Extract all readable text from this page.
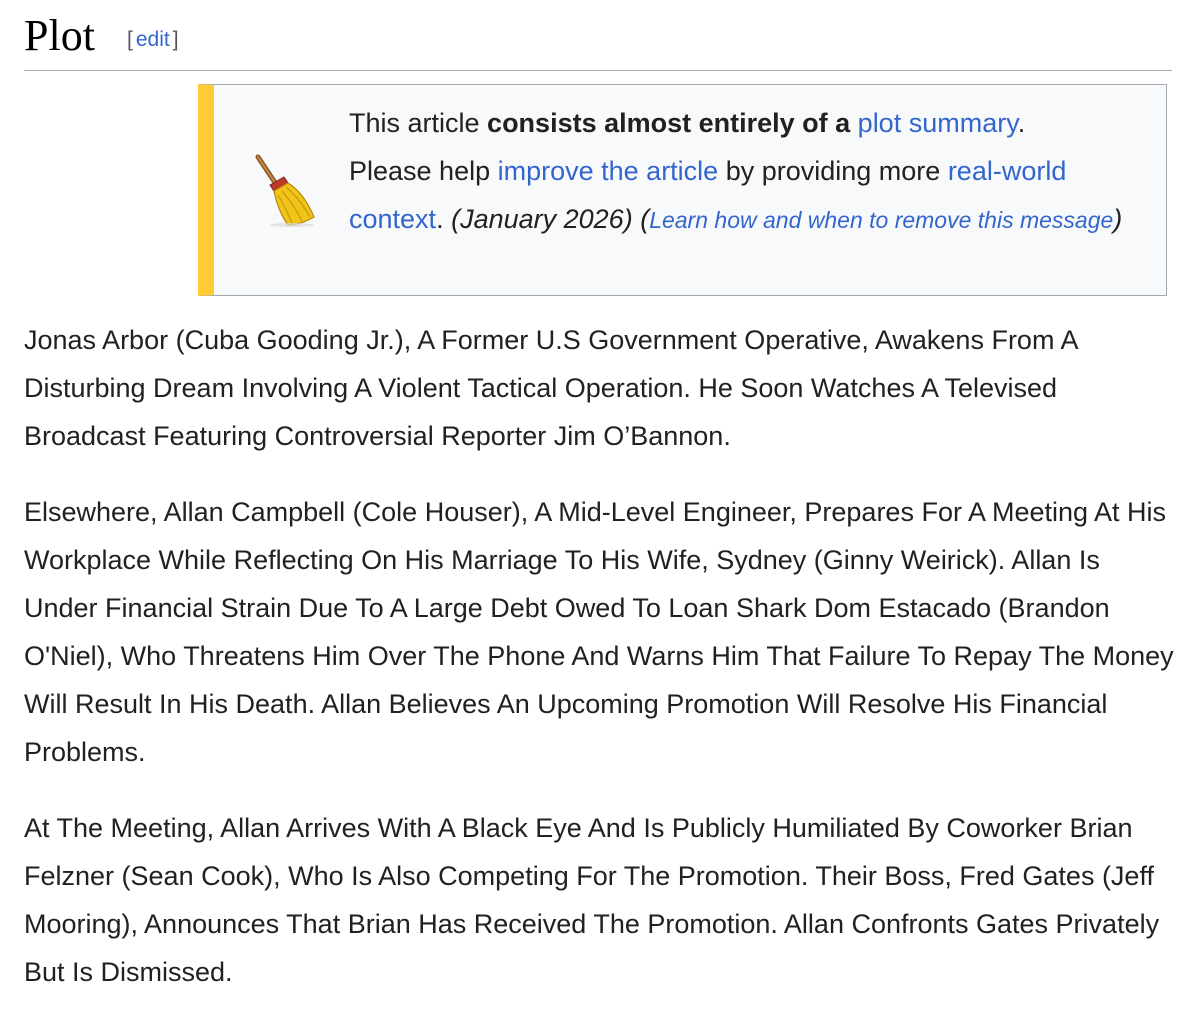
Plot [ edit ]
This article consists almost entirely of a plot summary.
Please help improve the article by providing more real-world context. (January 2026) (Learn how and when to remove this message)

Jonas Arbor (Cuba Gooding Jr.), A Former U.S Government Operative, Awakens From A Disturbing Dream Involving A Violent Tactical Operation. He Soon Watches A Televised Broadcast Featuring Controversial Reporter Jim O’Bannon.

Elsewhere, Allan Campbell (Cole Houser), A Mid-Level Engineer, Prepares For A Meeting At His Workplace While Reflecting On His Marriage To His Wife, Sydney (Ginny Weirick). Allan Is Under Financial Strain Due To A Large Debt Owed To Loan Shark Dom Estacado (Brandon O'Niel), Who Threatens Him Over The Phone And Warns Him That Failure To Repay The Money Will Result In His Death. Allan Believes An Upcoming Promotion Will Resolve His Financial Problems.

At The Meeting, Allan Arrives With A Black Eye And Is Publicly Humiliated By Coworker Brian Felzner (Sean Cook), Who Is Also Competing For The Promotion. Their Boss, Fred Gates (Jeff Mooring), Announces That Brian Has Received The Promotion. Allan Confronts Gates Privately But Is Dismissed.
